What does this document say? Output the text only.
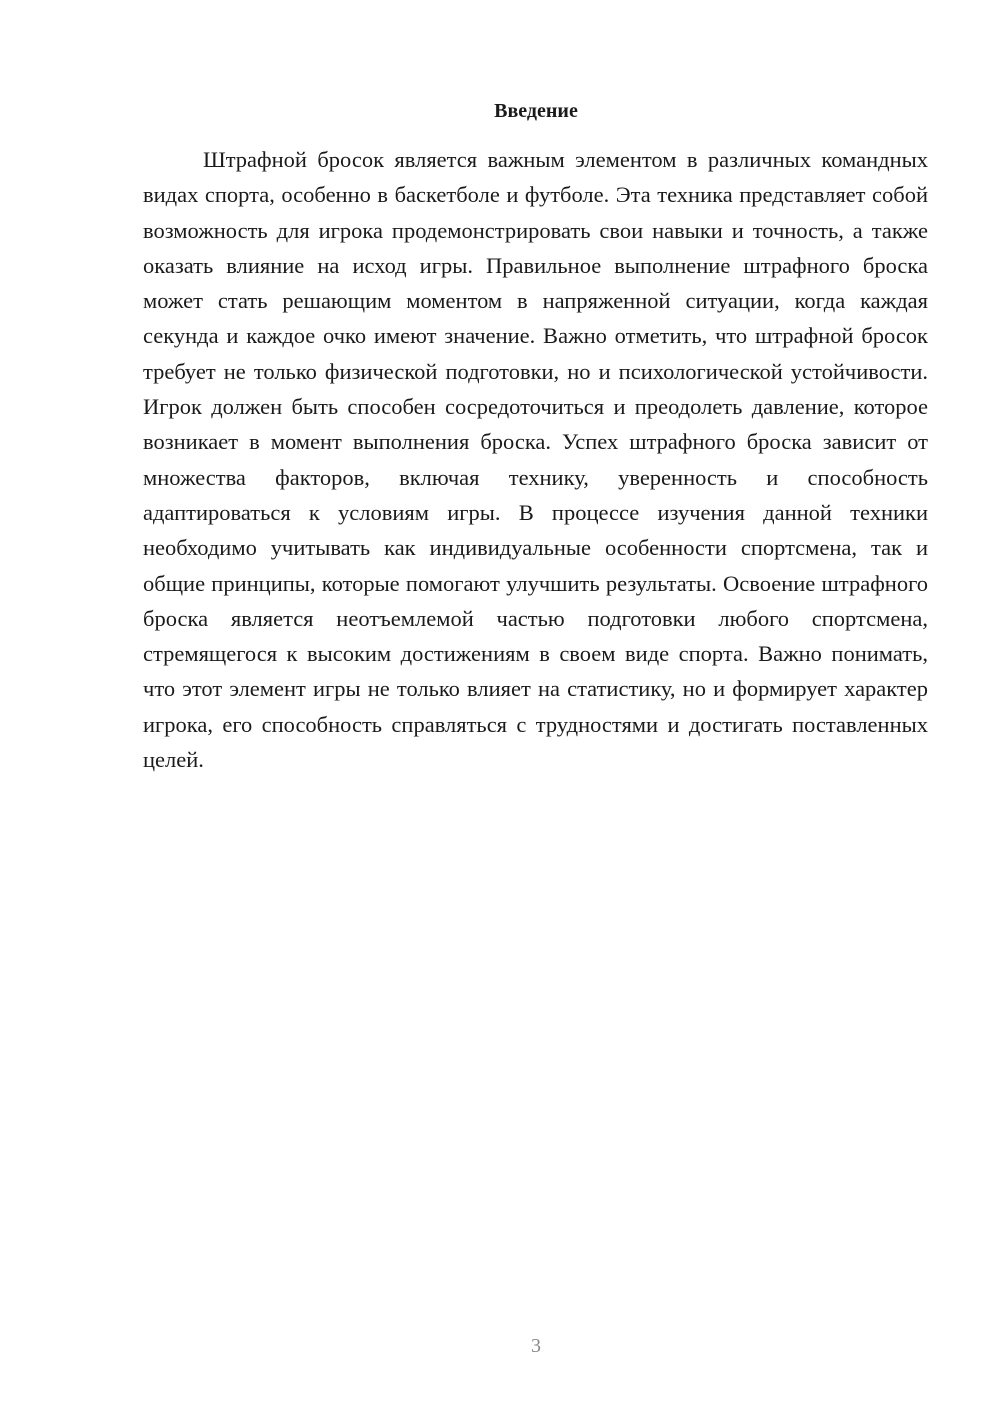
Введение

Штрафной бросок является важным элементом в различных командных видах спорта, особенно в баскетболе и футболе. Эта техника представляет собой возможность для игрока продемонстрировать свои навыки и точность, а также оказать влияние на исход игры. Правильное выполнение штрафного броска может стать решающим моментом в напряженной ситуации, когда каждая секунда и каждое очко имеют значение. Важно отметить, что штрафной бросок требует не только физической подготовки, но и психологической устойчивости. Игрок должен быть способен сосредоточиться и преодолеть давление, которое возникает в момент выполнения броска. Успех штрафного броска зависит от множества факторов, включая технику, уверенность и способность адаптироваться к условиям игры. В процессе изучения данной техники необходимо учитывать как индивидуальные особенности спортсмена, так и общие принципы, которые помогают улучшить результаты. Освоение штрафного броска является неотъемлемой частью подготовки любого спортсмена, стремящегося к высоким достижениям в своем виде спорта. Важно понимать, что этот элемент игры не только влияет на статистику, но и формирует характер игрока, его способность справляться с трудностями и достигать поставленных целей.

3
